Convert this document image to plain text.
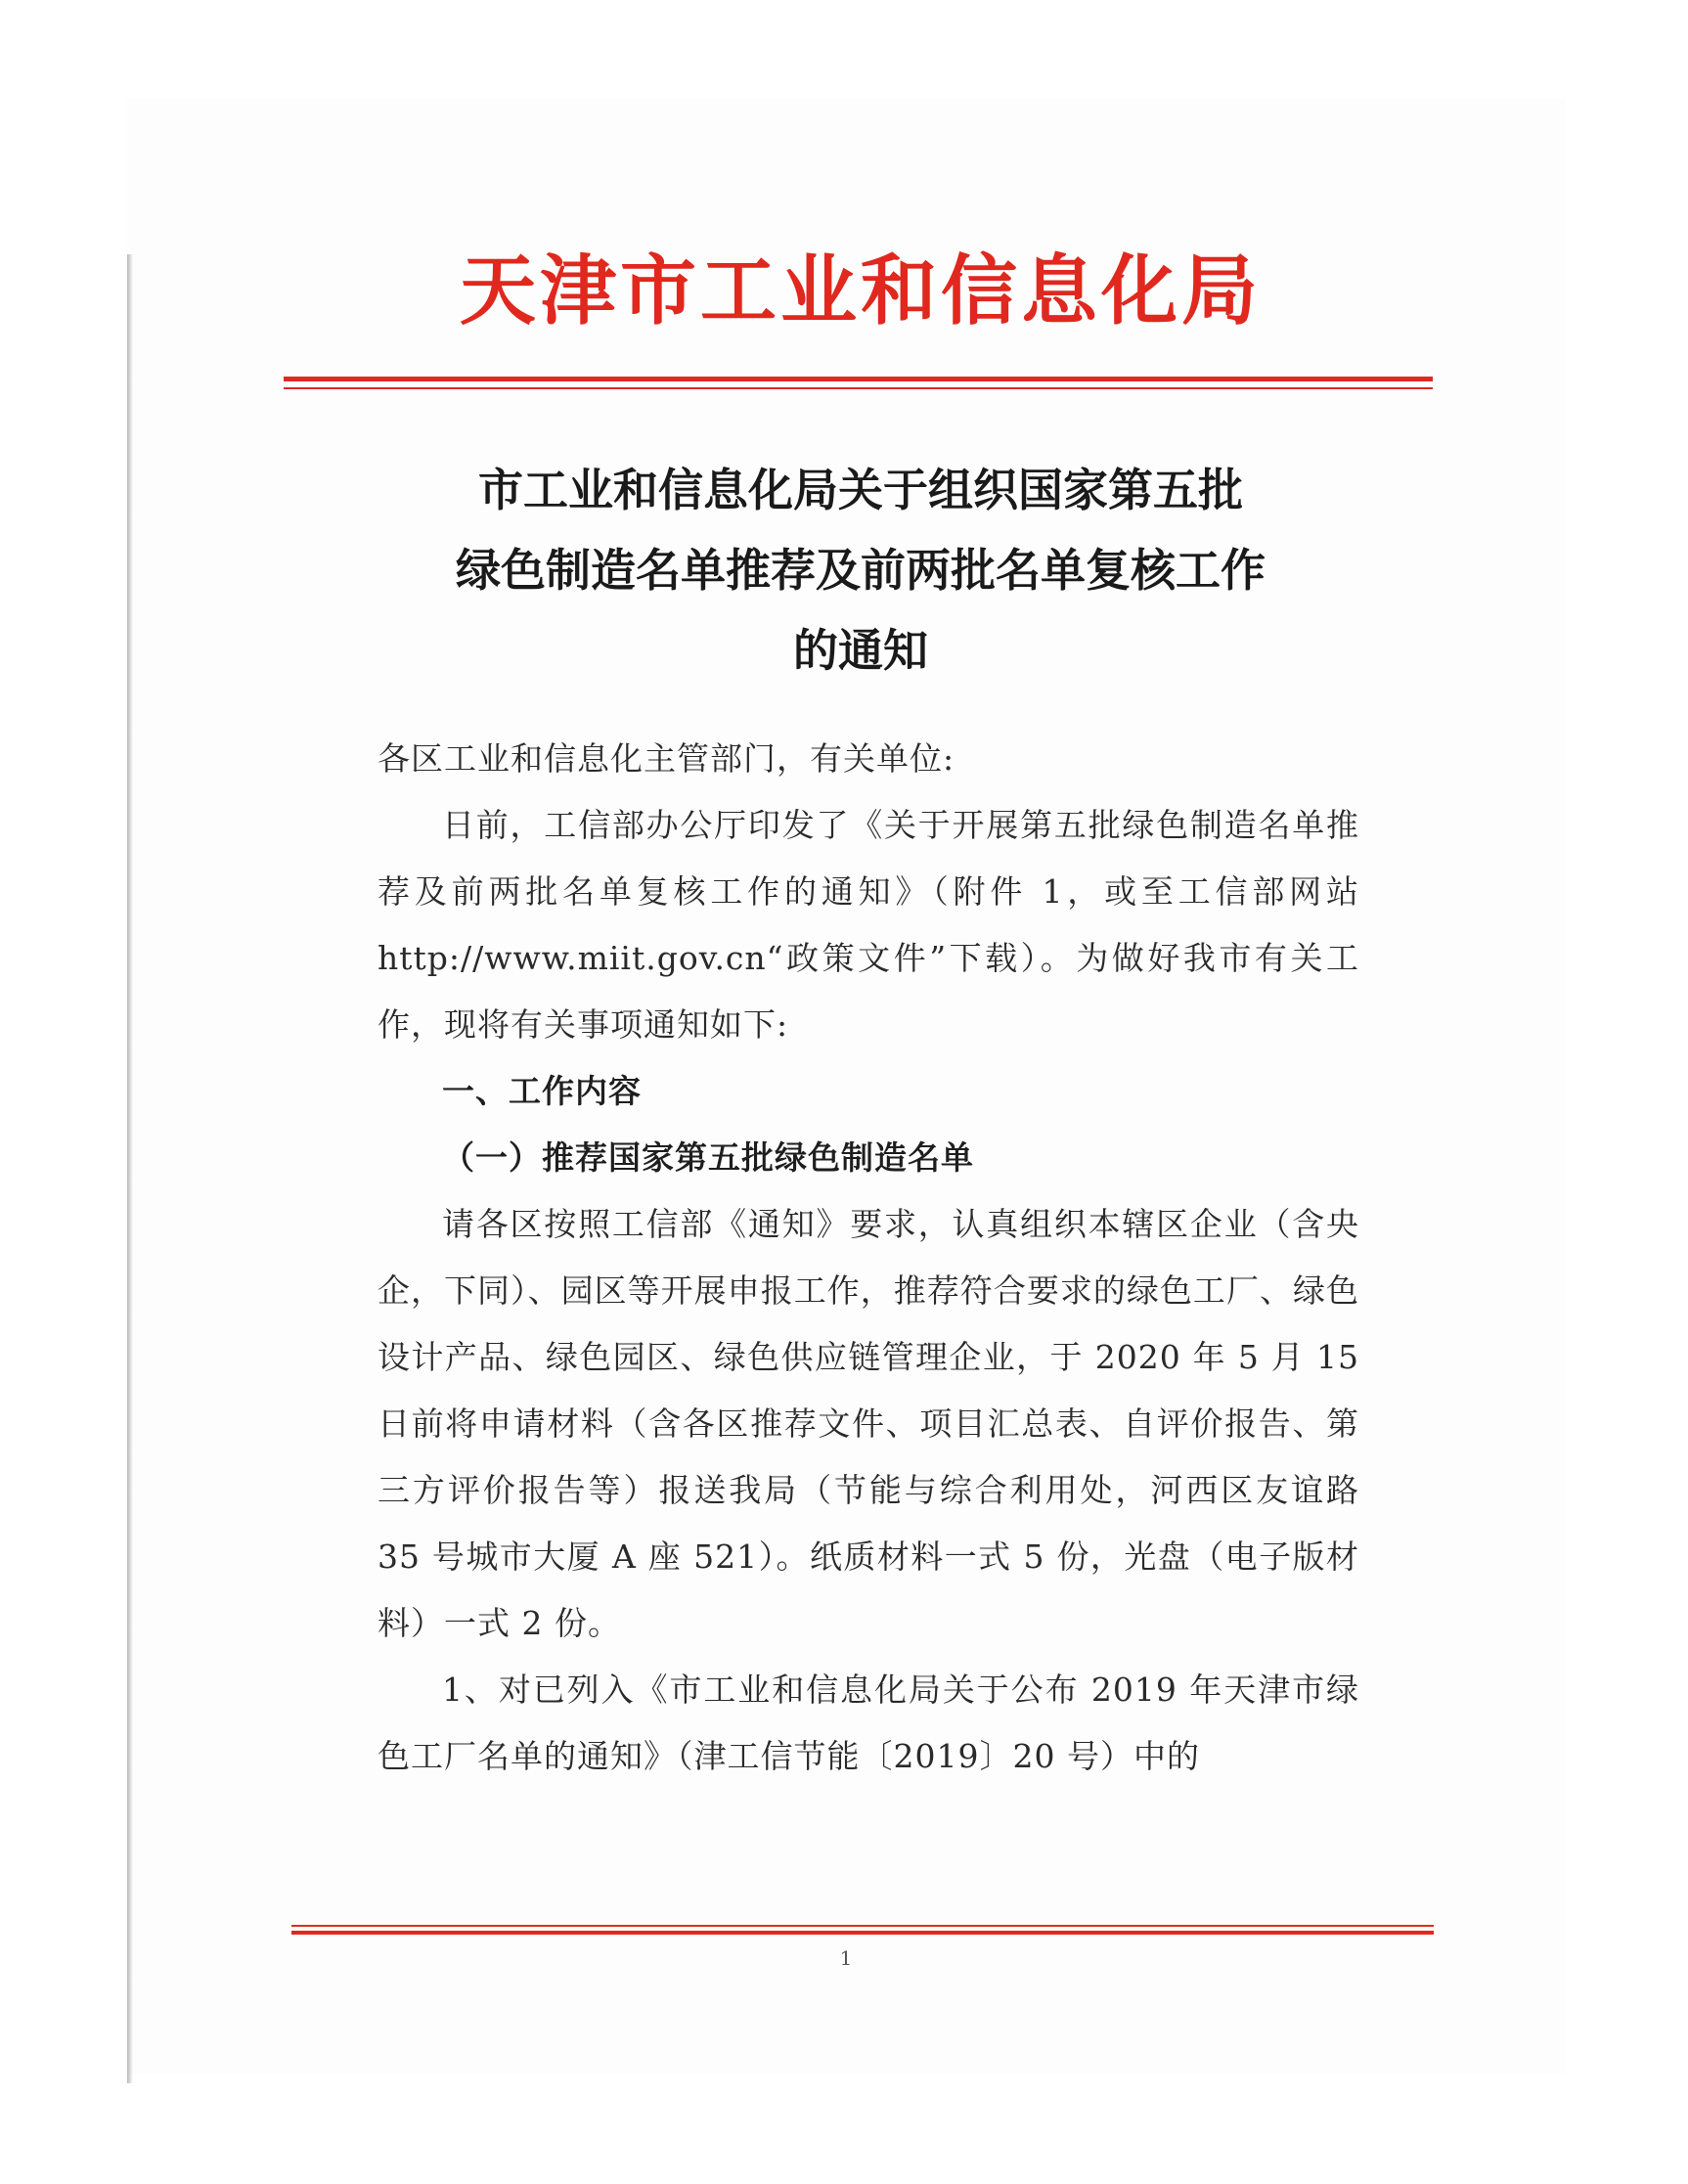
天津市工业和信息化局
市工业和信息化局关于组织国家第五批
绿色制造名单推荐及前两批名单复核工作
的通知

各区工业和信息化主管部门，有关单位:

日前，工信部办公厅印发了《关于开展第五批绿色制造名单推荐及前两批名单复核工作的通知》（附件 1，或至工信部网站 http://www.miit.gov.cn“政策文件”下载）。为做好我市有关工作，现将有关事项通知如下:

一、工作内容

（一）推荐国家第五批绿色制造名单

请各区按照工信部《通知》要求，认真组织本辖区企业（含央企，下同）、园区等开展申报工作，推荐符合要求的绿色工厂、绿色设计产品、绿色园区、绿色供应链管理企业，于 2020 年 5 月 15 日前将申请材料（含各区推荐文件、项目汇总表、自评价报告、第三方评价报告等）报送我局（节能与综合利用处，河西区友谊路 35 号城市大厦 A 座 521）。纸质材料一式 5 份，光盘（电子版材料）一式 2 份。

1、对已列入《市工业和信息化局关于公布 2019 年天津市绿色工厂名单的通知》（津工信节能〔2019〕20 号）中的

1
